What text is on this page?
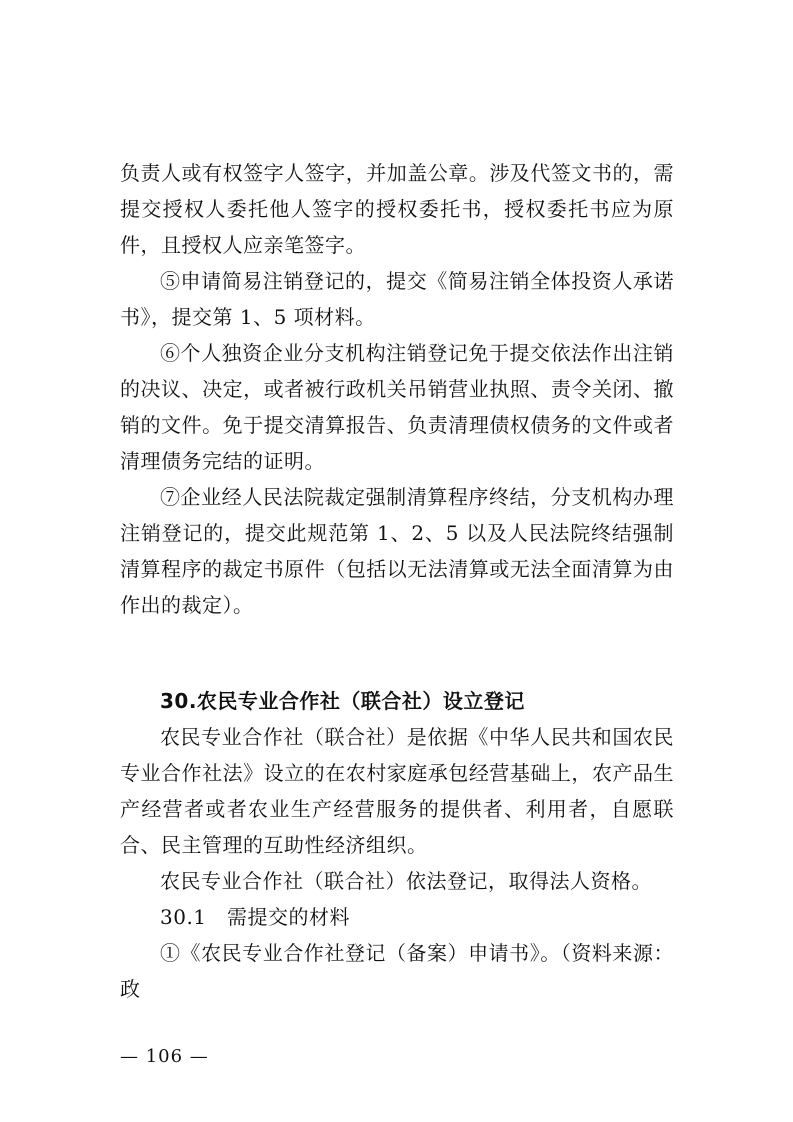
负责人或有权签字人签字，并加盖公章。涉及代签文书的，需提交授权人委托他人签字的授权委托书，授权委托书应为原件，且授权人应亲笔签字。

⑤申请简易注销登记的，提交《简易注销全体投资人承诺书》，提交第 1、5 项材料。

⑥个人独资企业分支机构注销登记免于提交依法作出注销的决议、决定，或者被行政机关吊销营业执照、责令关闭、撤销的文件。免于提交清算报告、负责清理债权债务的文件或者清理债务完结的证明。

⑦企业经人民法院裁定强制清算程序终结，分支机构办理注销登记的，提交此规范第 1、2、5 以及人民法院终结强制清算程序的裁定书原件（包括以无法清算或无法全面清算为由作出的裁定）。

30.农民专业合作社（联合社）设立登记

农民专业合作社（联合社）是依据《中华人民共和国农民专业合作社法》设立的在农村家庭承包经营基础上，农产品生产经营者或者农业生产经营服务的提供者、利用者，自愿联合、民主管理的互助性经济组织。

农民专业合作社（联合社）依法登记，取得法人资格。

30.1　需提交的材料

①《农民专业合作社登记（备案）申请书》。（资料来源：政

— 106 —
